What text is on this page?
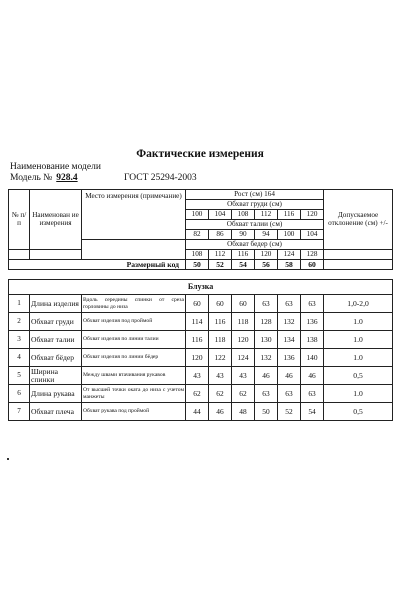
Фактические измерения
Наименование модели
Модель № 928.4	ГОСТ 25294-2003
№ п/п	Наименован ие измерения	Место измерения (примечание)	Рост (см) 164						Допускаемое отклонение (см) +/-
			Обхват груди (см)						
			100	104	108	112	116	120	
			Обхват талии (см)						
			82	86	90	94	100	104	
			Обхват бедер (см)						
			108	112	116	120	124	128	
Размерный код			50	52	54	56	58	60	

Блузка									
1	Длина изделия	Вдоль середины спинки от среза горловины до низа	60	60	60	63	63	63	1,0-2,0
2	Обхват груди	Обхват изделия под проймой	114	116	118	128	132	136	1.0
3	Обхват талии	Обхват изделия по линии талии	116	118	120	130	134	138	1.0
4	Обхват бёдер	Обхват изделия по линии бёдер	120	122	124	132	136	140	1.0
5	Ширина спинки	Между швами втачивания рукавов	43	43	43	46	46	46	0,5
6	Длина рукава	От высшей точки оката до низа с учетом манжеты	62	62	62	63	63	63	1.0
7	Обхват плеча	Обхват рукава под проймой	44	46	48	50	52	54	0,5
